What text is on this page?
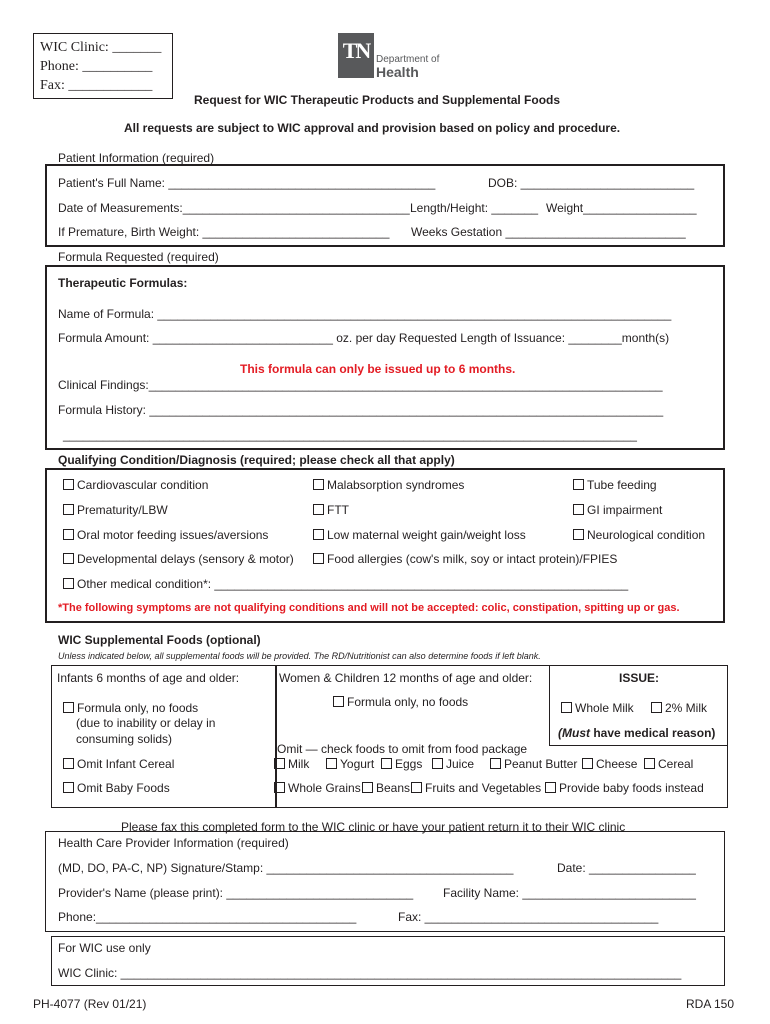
WIC Clinic: _______
Phone: __________
Fax: ____________
TN Department of
Health
Request for WIC Therapeutic Products and Supplemental Foods
All requests are subject to WIC approval and provision based on policy and procedure.
Patient Information (required)
Patient's Full Name: ________________________________________	DOB: __________________________
Date of Measurements:__________________________________ Length/Height: _______ Weight_________________
If Premature, Birth Weight: ____________________________ Weeks Gestation ___________________________
Formula Requested (required)
Therapeutic Formulas:
Name of Formula: _____________________________________________________________________________
Formula Amount: ___________________________ oz. per day Requested Length of Issuance: ________month(s)
This formula can only be issued up to 6 months.
Clinical Findings:_____________________________________________________________________________
Formula History: _____________________________________________________________________________
______________________________________________________________________________________
Qualifying Condition/Diagnosis (required; please check all that apply)
Cardiovascular condition	Malabsorption syndromes	Tube feeding
Prematurity/LBW	FTT	GI impairment
Oral motor feeding issues/aversions	Low maternal weight gain/weight loss	Neurological condition
Developmental delays (sensory & motor)	Food allergies (cow's milk, soy or intact protein)/FPIES
Other medical condition*: ______________________________________________________________
*The following symptoms are not qualifying conditions and will not be accepted: colic, constipation, spitting up or gas.
WIC Supplemental Foods (optional)
Unless indicated below, all supplemental foods will be provided. The RD/Nutritionist can also determine foods if left blank.
Infants 6 months of age and older:
Formula only, no foods
(due to inability or delay in
consuming solids)
Omit Infant Cereal
Omit Baby Foods
Women & Children 12 months of age and older:
Formula only, no foods
Omit — check foods to omit from food package
Milk	Yogurt	Eggs	Juice	Peanut Butter	Cheese	Cereal
Whole Grains	Beans	Fruits and Vegetables	Provide baby foods instead
ISSUE:
Whole Milk	2% Milk
(Must have medical reason)
Please fax this completed form to the WIC clinic or have your patient return it to their WIC clinic
Health Care Provider Information (required)
(MD, DO, PA-C, NP) Signature/Stamp: _____________________________________	Date: ________________
Provider's Name (please print): ____________________________ Facility Name: __________________________
Phone:_______________________________________	Fax: ___________________________________
For WIC use only
WIC Clinic: ____________________________________________________________________________________
PH-4077 (Rev 01/21)	RDA 150
